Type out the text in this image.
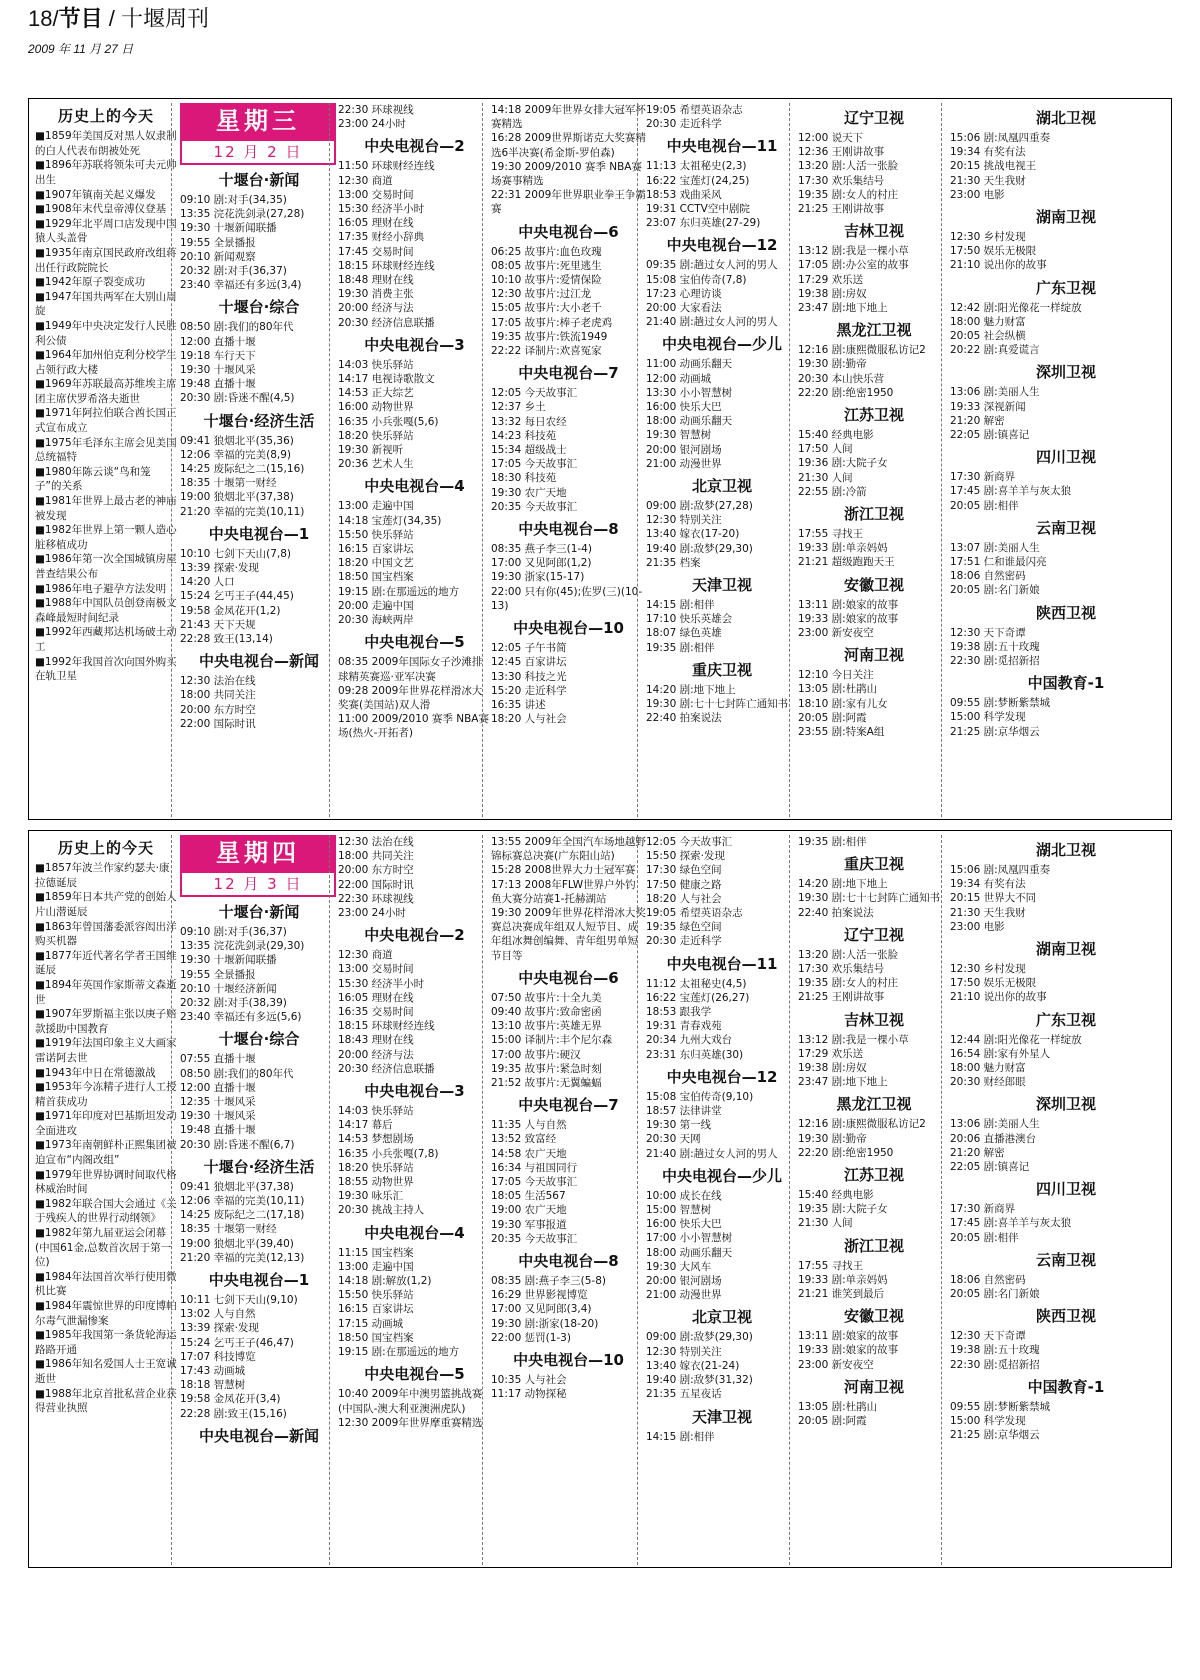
18/节目 / 十堰周刊
2009 年 11 月 27 日
历史上的今天
■1859年美国反对黑人奴隶制的白人代表布朗被处死
■1896年苏联将领朱可夫元帅出生
■1907年镇南关起义爆发
■1908年末代皇帝溥仪登基
■1929年北平周口店发现中国猿人头盖骨
■1935年南京国民政府改组蒋出任行政院院长
■1942年原子裂变成功
■1947年国共两军在大别山周旋
■1949年中央决定发行人民胜利公债
■1964年加州伯克利分校学生占领行政大楼
■1969年苏联最高苏维埃主席团主席伏罗希洛夫逝世
■1971年阿拉伯联合酋长国正式宣布成立
■1975年毛泽东主席会见美国总统福特
■1980年陈云谈“鸟和笼子”的关系
■1981年世界上最古老的神庙被发现
■1982年世界上第一颗人造心脏移植成功
■1986年第一次全国城镇房屋普查结果公布
■1986年电子避孕方法发明
■1988年中国队员创登南极文森峰最短时间纪录
■1992年西藏邦达机场破土动工
■1992年我国首次向国外购买在轨卫星
星期三
12 月 2 日
十堰台·新闻
09:10 剧:对手(34,35)
13:35 浣花洗剑录(27,28)
19:30 十堰新闻联播
19:55 全景播报
20:10 新闻观察
20:32 剧:对手(36,37)
23:40 幸福还有多远(3,4)
十堰台·综合
08:50 剧:我们的80年代
12:00 直播十堰
19:18 车行天下
19:30 十堰风采
19:48 直播十堰
20:30 剧:昏迷不醒(4,5)
十堰台·经济生活
09:41 狼烟北平(35,36)
12:06 幸福的完美(8,9)
14:25 废际纪之二(15,16)
18:35 十堰第一财经
19:00 狼烟北平(37,38)
21:20 幸福的完美(10,11)
中央电视台—1
10:10 七剑下天山(7,8)
13:39 探索·发现
14:20 人口
15:24 乞丐王子(44,45)
19:58 金凤花开(1,2)
21:43 天下天规
22:28 致王(13,14)
中央电视台—新闻
12:30 法治在线
18:00 共同关注
20:00 东方时空
22:00 国际时讯
22:30 环球视线
23:00 24小时
中央电视台—2
11:50 环球财经连线
12:30 商道
13:00 交易时间
15:30 经济半小时
16:05 理财在线
17:35 财经小辞典
17:45 交易时间
18:15 环球财经连线
18:48 理财在线
19:30 消费主张
20:00 经济与法
20:30 经济信息联播
中央电视台—3
14:03 快乐驿站
14:17 电视诗歌散文
14:53 正大综艺
16:00 动物世界
16:35 小兵张嘎(5,6)
18:20 快乐驿站
19:30 新视听
20:36 艺术人生
中央电视台—4
13:00 走遍中国
14:18 宝莲灯(34,35)
15:50 快乐驿站
16:15 百家讲坛
18:20 中国文艺
18:50 国宝档案
19:15 剧:在那遥远的地方
20:00 走遍中国
20:30 海峡两岸
中央电视台—5
08:35 2009年国际女子沙滩排球精英赛巡·亚军决赛
09:28 2009年世界花样滑冰大奖赛(美国站)双人滑
11:00 2009/2010 赛季 NBA赛场(热火-开拓者)
14:18 2009年世界女排大冠军杯赛精选
16:28 2009世界斯诺克大奖赛精选6半决赛(希金斯-罗伯森)
19:30 2009/2010 赛季 NBA赛场赛事精选
22:31 2009年世界职业拳王争霸赛
中央电视台—6
06:25 故事片:血色玫瑰
08:05 故事片:死里逃生
10:10 故事片:爱情保险
12:30 故事片:过江龙
15:05 故事片:大小老千
17:05 故事片:棒子老虎鸡
19:35 故事片:铁流1949
22:22 译制片:欢喜冤家
中央电视台—7
12:05 今天故事汇
12:37 乡土
13:32 每日农经
14:23 科技苑
15:34 超级战士
17:05 今天故事汇
18:30 科技苑
19:30 农广天地
20:35 今天故事汇
中央电视台—8
08:35 燕子李三(1-4)
17:00 又见阿郎(1,2)
19:30 浙家(15-17)
22:00 只有你(45);佐罗(三)(10-13)
中央电视台—10
12:05 子午书简
12:45 百家讲坛
13:30 科技之光
15:20 走近科学
16:35 讲述
18:20 人与社会
19:05 希望英语杂志
20:30 走近科学
中央电视台—11
11:13 太祖秘史(2,3)
16:22 宝莲灯(24,25)
18:53 戏曲采风
19:31 CCTV空中剧院
23:07 东归英雄(27-29)
中央电视台—12
09:35 剧:趟过女人河的男人
15:08 宝伯传奇(7,8)
17:23 心理访谈
20:00 大家看法
21:40 剧:趟过女人河的男人
中央电视台—少儿
11:00 动画乐翻天
12:00 动画城
13:30 小小智慧树
16:00 快乐大巴
18:00 动画乐翻天
19:30 智慧树
20:00 银河剧场
21:00 动漫世界
北京卫视
09:00 剧:敌梦(27,28)
12:30 特别关注
13:40 嫁衣(17-20)
19:40 剧:敌梦(29,30)
21:35 档案
天津卫视
14:15 剧:相伴
17:10 快乐英雄会
18:07 绿色英雄
19:35 剧:相伴
重庆卫视
14:20 剧:地下地上
19:30 剧:七十七封阵亡通知书
22:40 拍案说法
辽宁卫视
12:00 说天下
12:36 王刚讲故事
13:20 剧:人活一张脸
17:30 欢乐集结号
19:35 剧:女人的村庄
21:25 王刚讲故事
吉林卫视
13:12 剧:我是一棵小草
17:05 剧:办公室的故事
17:29 欢乐送
19:38 剧:房奴
23:47 剧:地下地上
黑龙江卫视
12:16 剧:康熙微服私访记2
19:30 剧:勤帝
20:30 本山快乐营
22:20 剧:绝密1950
江苏卫视
15:40 经典电影
17:50 人间
19:36 剧:大院子女
21:30 人间
22:55 剧:冷箭
浙江卫视
17:55 寻找王
19:33 剧:单亲妈妈
21:21 超级跑跑天王
安徽卫视
13:11 剧:娘家的故事
19:33 剧:娘家的故事
23:00 新安夜空
河南卫视
12:10 今日关注
13:05 剧:杜鹃山
18:10 剧:家有儿女
20:05 剧:阿霞
23:55 剧:特案A组
湖北卫视
15:06 剧:凤凰四重奏
19:34 有奖有法
20:15 挑战电视王
21:30 天生我财
23:00 电影
湖南卫视
12:30 乡村发现
17:50 娱乐无极限
21:10 说出你的故事
广东卫视
12:42 剧:阳光像花一样绽放
18:00 魅力财富
20:05 社会纵横
20:22 剧:真爱谎言
深圳卫视
13:06 剧:美丽人生
19:33 深视新闻
21:20 解密
22:05 剧:镇喜记
四川卫视
17:30 新商界
17:45 剧:喜羊羊与灰太狼
20:05 剧:相伴
云南卫视
13:07 剧:美丽人生
17:51 仁和谁最闪亮
18:06 自然密码
20:05 剧:名门新娘
陕西卫视
12:30 天下奇谭
19:38 剧:五十玫瑰
22:30 剧:觅招新招
中国教育-1
09:55 剧:梦断紫禁城
15:00 科学发现
21:25 剧:京华烟云
历史上的今天
■1857年波兰作家约瑟夫·康拉德诞辰
■1859年日本共产党的创始人片山潜诞辰
■1863年曾国藩委派容闳出洋购买机器
■1877年近代著名学者王国维诞辰
■1894年英国作家斯蒂文森逝世
■1907年罗斯福主张以庚子赔款援助中国教育
■1919年法国印象主义大画家雷诺阿去世
■1943年中日在常德激战
■1953年今冻精子进行人工授精首获成功
■1971年印度对巴基斯坦发动全面进攻
■1973年南朝鲜朴正熙集团被迫宣布“内阁改组”
■1979年世界协调时间取代格林威治时间
■1982年联合国大会通过《关于残疾人的世界行动纲领》
■1982年第九届亚运会闭幕(中国61金,总数首次居于第一位)
■1984年法国首次举行使用微机比赛
■1984年震惊世界的印度博帕尔毒气泄漏惨案
■1985年我国第一条货轮海运路路开通
■1986年知名爱国人士王宽诚逝世
■1988年北京首批私营企业获得营业执照
星期四
12 月 3 日
十堰台·新闻
09:10 剧:对手(36,37)
13:35 浣花洗剑录(29,30)
19:30 十堰新闻联播
19:55 全景播报
20:10 十堰经济新闻
20:32 剧:对手(38,39)
23:40 幸福还有多远(5,6)
十堰台·综合
07:55 直播十堰
08:50 剧:我们的80年代
12:00 直播十堰
12:35 十堰风采
19:30 十堰风采
19:48 直播十堰
20:30 剧:昏迷不醒(6,7)
十堰台·经济生活
09:41 狼烟北平(37,38)
12:06 幸福的完美(10,11)
14:25 废际纪之二(17,18)
18:35 十堰第一财经
19:00 狼烟北平(39,40)
21:20 幸福的完美(12,13)
中央电视台—1
10:11 七剑下天山(9,10)
13:02 人与自然
13:39 探索·发现
15:24 乞丐王子(46,47)
17:07 科技博览
17:43 动画城
18:18 智慧树
19:58 金凤花开(3,4)
22:28 剧:致王(15,16)
中央电视台—新闻
12:30 法治在线
18:00 共同关注
20:00 东方时空
22:00 国际时讯
22:30 环球视线
23:00 24小时
中央电视台—2
12:30 商道
13:00 交易时间
15:30 经济半小时
16:05 理财在线
16:35 交易时间
18:15 环球财经连线
18:43 理财在线
20:00 经济与法
20:30 经济信息联播
中央电视台—3
14:03 快乐驿站
14:17 幕后
14:53 梦想剧场
16:35 小兵张嘎(7,8)
18:20 快乐驿站
18:55 动物世界
19:30 咏乐汇
20:30 挑战主持人
中央电视台—4
11:15 国宝档案
13:00 走遍中国
14:18 剧:解放(1,2)
15:50 快乐驿站
16:15 百家讲坛
17:15 动画城
18:50 国宝档案
19:15 剧:在那遥远的地方
中央电视台—5
10:40 2009年中澳男篮挑战赛(中国队-澳大利亚澳洲虎队)
12:30 2009年世界摩重赛精选
13:55 2009年全国汽车场地越野锦标赛总决赛(广东阳山站)
15:28 2008世界大力士冠军赛
17:13 2008年FLW世界户外钓鱼大赛分站赛1-托赫湖站
19:30 2009年世界花样滑冰大奖赛总决赛成年组双人短节目、成年组冰舞创编舞、青年组男单短节目等
中央电视台—6
07:50 故事片:十全九美
09:40 故事片:致命密函
13:10 故事片:英雄无界
15:00 译制片:丰个尼尔森
17:00 故事片:硬汉
19:35 故事片:紧急时刻
21:52 故事片:无翼蝙蝠
中央电视台—7
11:35 人与自然
13:52 致富经
14:58 农广天地
16:34 与祖国同行
17:05 今天故事汇
18:05 生活567
19:00 农广天地
19:30 军事报道
20:35 今天故事汇
中央电视台—8
08:35 剧:燕子李三(5-8)
16:29 世界影视博览
17:00 又见阿郎(3,4)
19:30 剧:浙家(18-20)
22:00 惩罚(1-3)
中央电视台—10
10:35 人与社会
11:17 动物探秘
12:05 今天故事汇
15:50 探索·发现
17:30 绿色空间
17:50 健康之路
18:20 人与社会
19:05 希望英语杂志
19:35 绿色空间
20:30 走近科学
中央电视台—11
11:12 太祖秘史(4,5)
16:22 宝莲灯(26,27)
18:53 跟我学
19:31 青春戏苑
20:34 九州大戏台
23:31 东归英雄(30)
中央电视台—12
15:08 宝伯传奇(9,10)
18:57 法律讲堂
19:30 第一线
20:30 天网
21:40 剧:趟过女人河的男人
中央电视台—少儿
10:00 成长在线
15:00 智慧树
16:00 快乐大巴
17:00 小小智慧树
18:00 动画乐翻天
19:30 大风车
20:00 银河剧场
21:00 动漫世界
北京卫视
09:00 剧:敌梦(29,30)
12:30 特别关注
13:40 嫁衣(21-24)
19:40 剧:敌梦(31,32)
21:35 五星夜话
天津卫视
14:15 剧:相伴
19:35 剧:相伴
重庆卫视
14:20 剧:地下地上
19:30 剧:七十七封阵亡通知书
22:40 拍案说法
辽宁卫视
13:20 剧:人活一张脸
17:30 欢乐集结号
19:35 剧:女人的村庄
21:25 王刚讲故事
吉林卫视
13:12 剧:我是一棵小草
17:29 欢乐送
19:38 剧:房奴
23:47 剧:地下地上
黑龙江卫视
12:16 剧:康熙微服私访记2
19:30 剧:勤帝
22:20 剧:绝密1950
江苏卫视
15:40 经典电影
19:35 剧:大院子女
21:30 人间
浙江卫视
17:55 寻找王
19:33 剧:单亲妈妈
21:21 谁笑到最后
安徽卫视
13:11 剧:娘家的故事
19:33 剧:娘家的故事
23:00 新安夜空
河南卫视
13:05 剧:杜鹃山
20:05 剧:阿霞
湖北卫视
15:06 剧:凤凰四重奏
19:34 有奖有法
20:15 世界大不同
21:30 天生我财
23:00 电影
湖南卫视
12:30 乡村发现
17:50 娱乐无极限
21:10 说出你的故事
广东卫视
12:44 剧:阳光像花一样绽放
16:54 剧:家有外星人
18:00 魅力财富
20:30 财经郎眼
深圳卫视
13:06 剧:美丽人生
20:06 直播港澳台
21:20 解密
22:05 剧:镇喜记
四川卫视
17:30 新商界
17:45 剧:喜羊羊与灰太狼
20:05 剧:相伴
云南卫视
18:06 自然密码
20:05 剧:名门新娘
陕西卫视
12:30 天下奇谭
19:38 剧:五十玫瑰
22:30 剧:觅招新招
中国教育-1
09:55 剧:梦断紫禁城
15:00 科学发现
21:25 剧:京华烟云
